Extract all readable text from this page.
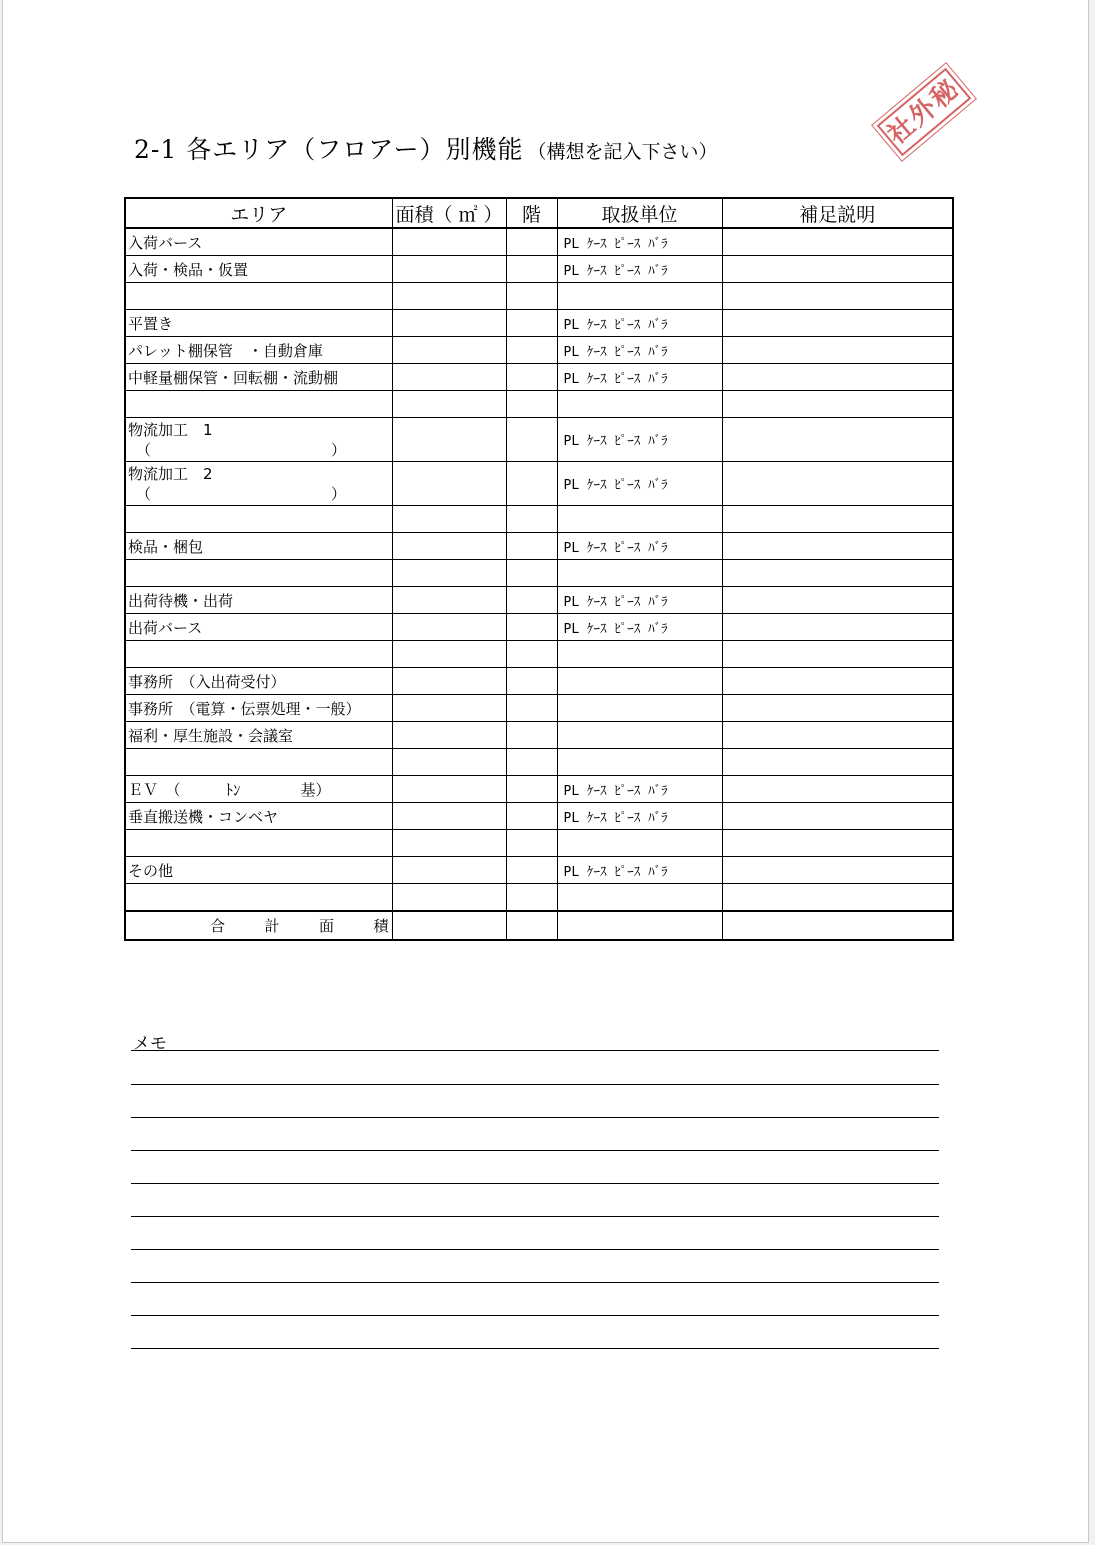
2-1 各エリア（フロアー）別機能 （構想を記入下さい）
社外秘
エリア	面積（ ㎡ ）	階	取扱単位	補足説明
入荷バース			PL ｹｰｽ ﾋﾟｰｽ ﾊﾞﾗ	
入荷・検品・仮置			PL ｹｰｽ ﾋﾟｰｽ ﾊﾞﾗ	

平置き			PL ｹｰｽ ﾋﾟｰｽ ﾊﾞﾗ	
パレット棚保管　・自動倉庫			PL ｹｰｽ ﾋﾟｰｽ ﾊﾞﾗ	
中軽量棚保管・回転棚・流動棚			PL ｹｰｽ ﾋﾟｰｽ ﾊﾞﾗ	

物流加工　1
（　　　　　　　　　　　　）			PL ｹｰｽ ﾋﾟｰｽ ﾊﾞﾗ	

物流加工　2
（　　　　　　　　　　　　）			PL ｹｰｽ ﾋﾟｰｽ ﾊﾞﾗ	

検品・梱包			PL ｹｰｽ ﾋﾟｰｽ ﾊﾞﾗ	

出荷待機・出荷			PL ｹｰｽ ﾋﾟｰｽ ﾊﾞﾗ	
出荷バース			PL ｹｰｽ ﾋﾟｰｽ ﾊﾞﾗ	

事務所　（入出荷受付）				
事務所　（電算・伝票処理・一般）				
福利・厚生施設・会議室				

ＥＶ　（　　　ﾄﾝ　　　　基）			PL ｹｰｽ ﾋﾟｰｽ ﾊﾞﾗ	
垂直搬送機・コンベヤ			PL ｹｰｽ ﾋﾟｰｽ ﾊﾞﾗ	

その他			PL ｹｰｽ ﾋﾟｰｽ ﾊﾞﾗ	

合 計 面 積				
メモ
